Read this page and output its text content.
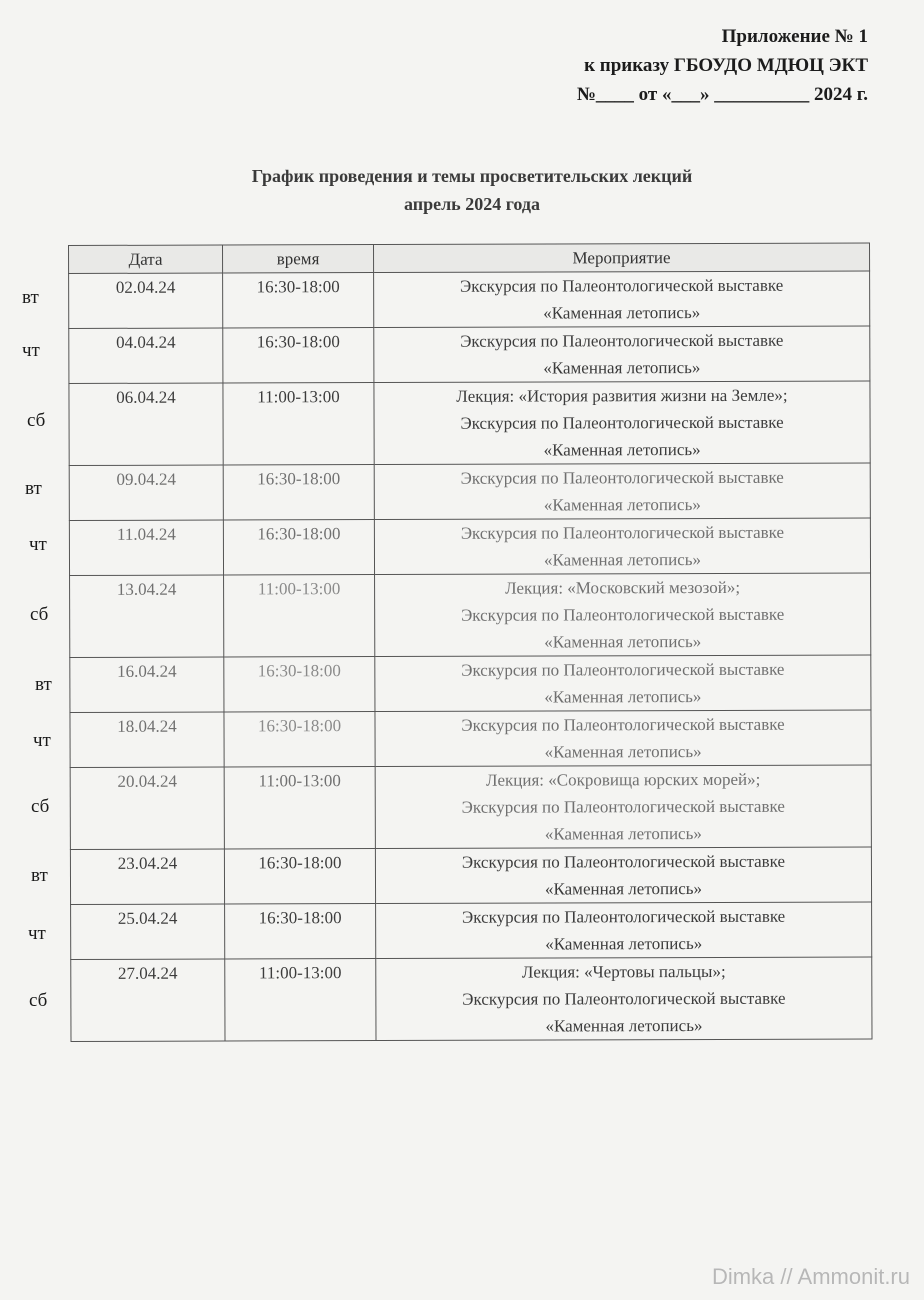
Приложение № 1
к приказу ГБОУДО МДЮЦ ЭКТ
№____ от «___» __________ 2024 г.
График проведения и темы просветительских лекций
апрель 2024 года
Дата	время	Мероприятие
02.04.24	16:30-18:00	Экскурсия по Палеонтологической выставке
«Каменная летопись»

04.04.24	16:30-18:00	Экскурсия по Палеонтологической выставке
«Каменная летопись»

06.04.24	11:00-13:00	Лекция: «История развития жизни на Земле»;
Экскурсия по Палеонтологической выставке
«Каменная летопись»

09.04.24	16:30-18:00	Экскурсия по Палеонтологической выставке
«Каменная летопись»

11.04.24	16:30-18:00	Экскурсия по Палеонтологической выставке
«Каменная летопись»

13.04.24	11:00-13:00	Лекция: «Московский мезозой»;
Экскурсия по Палеонтологической выставке
«Каменная летопись»

16.04.24	16:30-18:00	Экскурсия по Палеонтологической выставке
«Каменная летопись»

18.04.24	16:30-18:00	Экскурсия по Палеонтологической выставке
«Каменная летопись»

20.04.24	11:00-13:00	Лекция: «Сокровища юрских морей»;
Экскурсия по Палеонтологической выставке
«Каменная летопись»

23.04.24	16:30-18:00	Экскурсия по Палеонтологической выставке
«Каменная летопись»

25.04.24	16:30-18:00	Экскурсия по Палеонтологической выставке
«Каменная летопись»

27.04.24	11:00-13:00	Лекция: «Чертовы пальцы»;
Экскурсия по Палеонтологической выставке
«Каменная летопись»
вт
чт
сб
вт
чт
сб
вт
чт
сб
вт
чт
сб
Dimka // Ammonit.ru
